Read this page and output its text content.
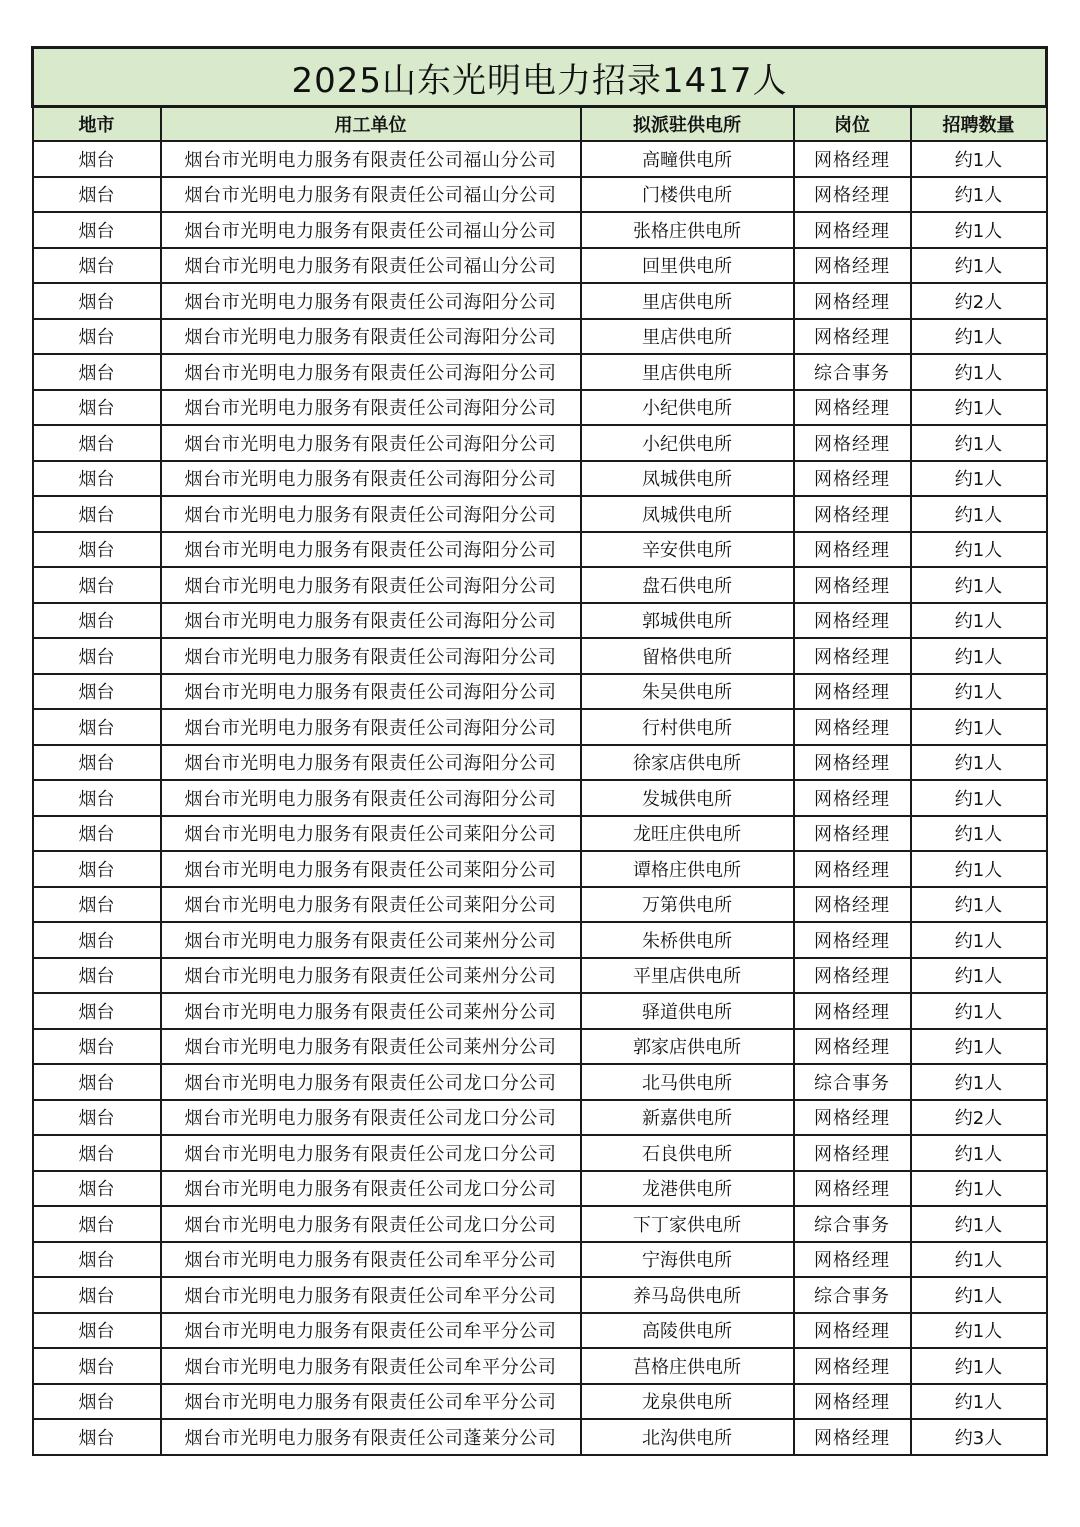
2025山东光明电力招录1417人				
地市	用工单位	拟派驻供电所	岗位	招聘数量
烟台	烟台市光明电力服务有限责任公司福山分公司	高疃供电所	网格经理	约1人
烟台	烟台市光明电力服务有限责任公司福山分公司	门楼供电所	网格经理	约1人
烟台	烟台市光明电力服务有限责任公司福山分公司	张格庄供电所	网格经理	约1人
烟台	烟台市光明电力服务有限责任公司福山分公司	回里供电所	网格经理	约1人
烟台	烟台市光明电力服务有限责任公司海阳分公司	里店供电所	网格经理	约2人
烟台	烟台市光明电力服务有限责任公司海阳分公司	里店供电所	网格经理	约1人
烟台	烟台市光明电力服务有限责任公司海阳分公司	里店供电所	综合事务	约1人
烟台	烟台市光明电力服务有限责任公司海阳分公司	小纪供电所	网格经理	约1人
烟台	烟台市光明电力服务有限责任公司海阳分公司	小纪供电所	网格经理	约1人
烟台	烟台市光明电力服务有限责任公司海阳分公司	凤城供电所	网格经理	约1人
烟台	烟台市光明电力服务有限责任公司海阳分公司	凤城供电所	网格经理	约1人
烟台	烟台市光明电力服务有限责任公司海阳分公司	辛安供电所	网格经理	约1人
烟台	烟台市光明电力服务有限责任公司海阳分公司	盘石供电所	网格经理	约1人
烟台	烟台市光明电力服务有限责任公司海阳分公司	郭城供电所	网格经理	约1人
烟台	烟台市光明电力服务有限责任公司海阳分公司	留格供电所	网格经理	约1人
烟台	烟台市光明电力服务有限责任公司海阳分公司	朱吴供电所	网格经理	约1人
烟台	烟台市光明电力服务有限责任公司海阳分公司	行村供电所	网格经理	约1人
烟台	烟台市光明电力服务有限责任公司海阳分公司	徐家店供电所	网格经理	约1人
烟台	烟台市光明电力服务有限责任公司海阳分公司	发城供电所	网格经理	约1人
烟台	烟台市光明电力服务有限责任公司莱阳分公司	龙旺庄供电所	网格经理	约1人
烟台	烟台市光明电力服务有限责任公司莱阳分公司	谭格庄供电所	网格经理	约1人
烟台	烟台市光明电力服务有限责任公司莱阳分公司	万第供电所	网格经理	约1人
烟台	烟台市光明电力服务有限责任公司莱州分公司	朱桥供电所	网格经理	约1人
烟台	烟台市光明电力服务有限责任公司莱州分公司	平里店供电所	网格经理	约1人
烟台	烟台市光明电力服务有限责任公司莱州分公司	驿道供电所	网格经理	约1人
烟台	烟台市光明电力服务有限责任公司莱州分公司	郭家店供电所	网格经理	约1人
烟台	烟台市光明电力服务有限责任公司龙口分公司	北马供电所	综合事务	约1人
烟台	烟台市光明电力服务有限责任公司龙口分公司	新嘉供电所	网格经理	约2人
烟台	烟台市光明电力服务有限责任公司龙口分公司	石良供电所	网格经理	约1人
烟台	烟台市光明电力服务有限责任公司龙口分公司	龙港供电所	网格经理	约1人
烟台	烟台市光明电力服务有限责任公司龙口分公司	下丁家供电所	综合事务	约1人
烟台	烟台市光明电力服务有限责任公司牟平分公司	宁海供电所	网格经理	约1人
烟台	烟台市光明电力服务有限责任公司牟平分公司	养马岛供电所	综合事务	约1人
烟台	烟台市光明电力服务有限责任公司牟平分公司	高陵供电所	网格经理	约1人
烟台	烟台市光明电力服务有限责任公司牟平分公司	莒格庄供电所	网格经理	约1人
烟台	烟台市光明电力服务有限责任公司牟平分公司	龙泉供电所	网格经理	约1人
烟台	烟台市光明电力服务有限责任公司蓬莱分公司	北沟供电所	网格经理	约3人
